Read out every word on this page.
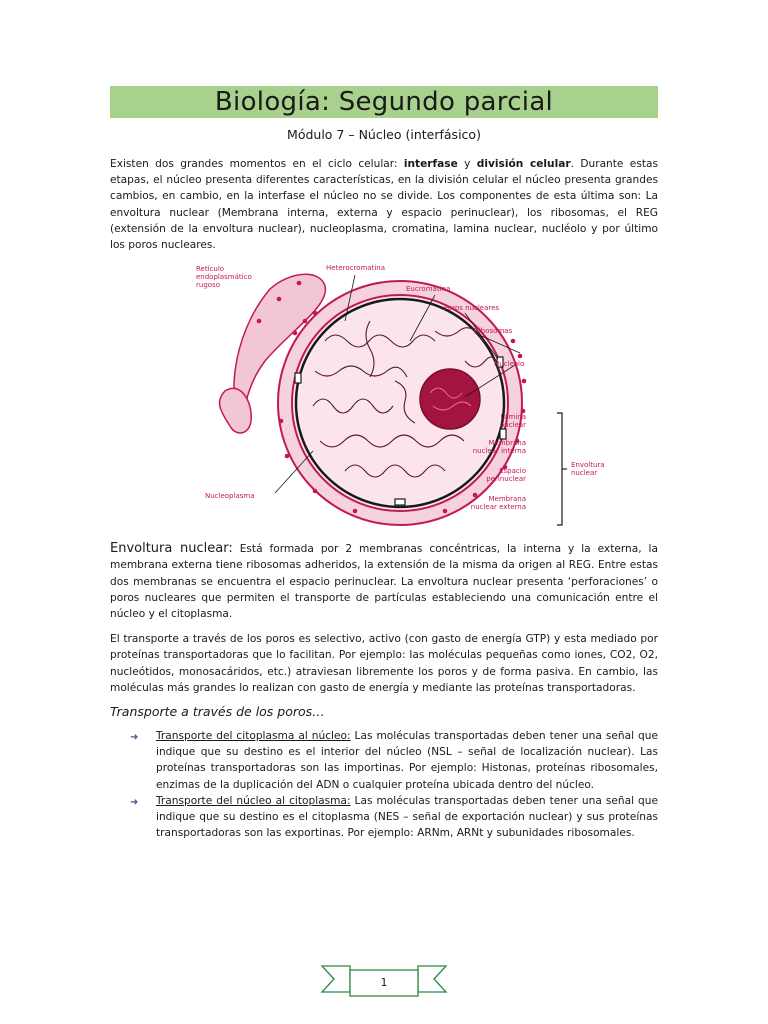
Biología: Segundo parcial
Módulo 7 – Núcleo (interfásico)

Existen dos grandes momentos en el ciclo celular: interfase y división celular. Durante estas etapas, el núcleo presenta diferentes características, en la división celular el núcleo presenta grandes cambios, en cambio, en la interfase el núcleo no se divide. Los componentes de esta última son: La envoltura nuclear (Membrana interna, externa y espacio perinuclear), los ribosomas, el REG (extensión de la envoltura nuclear), nucleoplasma, cromatina, lamina nuclear, nucléolo y por último los poros nucleares.

Retículo endoplasmático rugoso
Heterocromatina
Eucromatina
Poros nucleares
Ribosomas
Nucleolo
Lámina nuclear
Membrana nuclear interna
Espacio perinuclear
Membrana nuclear externa
Envoltura nuclear
Nucleoplasma

Envoltura nuclear: Está formada por 2 membranas concéntricas, la interna y la externa, la membrana externa tiene ribosomas adheridos, la extensión de la misma da origen al REG. Entre estas dos membranas se encuentra el espacio perinuclear. La envoltura nuclear presenta ‘perforaciones’ o poros nucleares que permiten el transporte de partículas estableciendo una comunicación entre el núcleo y el citoplasma.

El transporte a través de los poros es selectivo, activo (con gasto de energía GTP) y esta mediado por proteínas transportadoras que lo facilitan. Por ejemplo: las moléculas pequeñas como iones, CO2, O2, nucleótidos, monosacáridos, etc.) atraviesan libremente los poros y de forma pasiva. En cambio, las moléculas más grandes lo realizan con gasto de energía y mediante las proteínas transportadoras.

Transporte a través de los poros…
➜ Transporte del citoplasma al núcleo: Las moléculas transportadas deben tener una señal que indique que su destino es el interior del núcleo (NSL – señal de localización nuclear). Las proteínas transportadoras son las importinas. Por ejemplo: Histonas, proteínas ribosomales, enzimas de la duplicación del ADN o cualquier proteína ubicada dentro del núcleo.
➜ Transporte del núcleo al citoplasma: Las moléculas transportadas deben tener una señal que indique que su destino es el citoplasma (NES – señal de exportación nuclear) y sus proteínas transportadoras son las exportinas. Por ejemplo: ARNm, ARNt y subunidades ribosomales.
1
